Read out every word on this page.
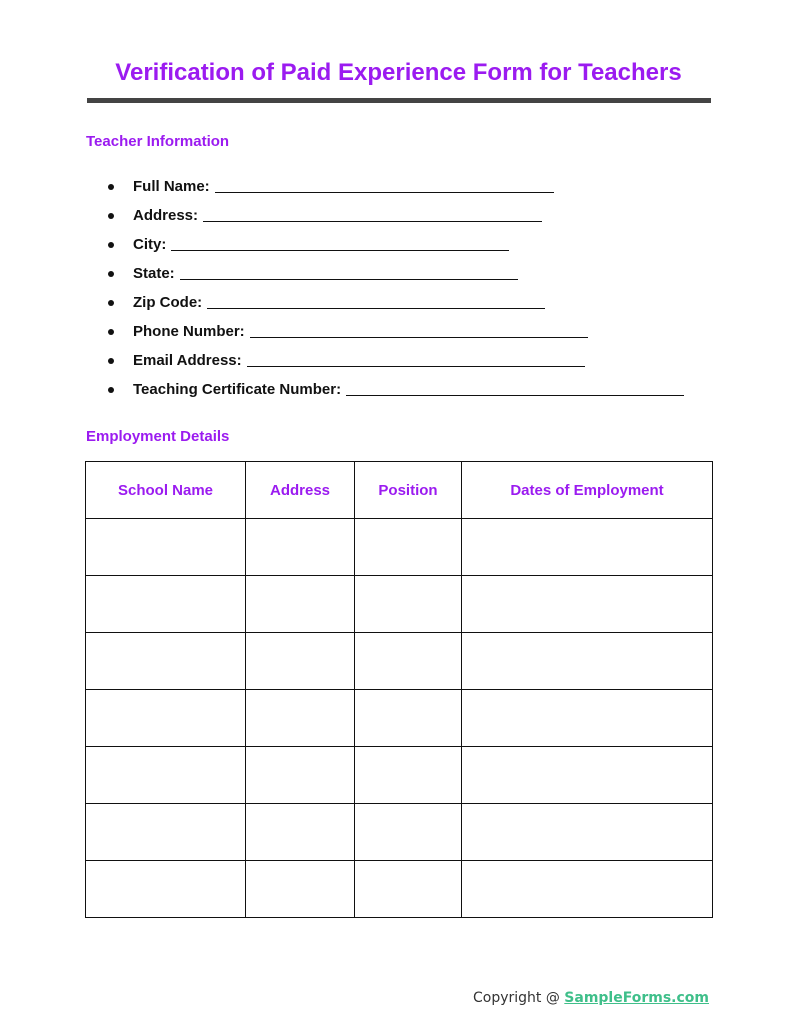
Verification of Paid Experience Form for Teachers
Teacher Information
Full Name:
Address:
City:
State:
Zip Code:
Phone Number:
Email Address:
Teaching Certificate Number:
Employment Details
School Name	Address	Position	Dates of Employment

Copyright @ SampleForms.com
